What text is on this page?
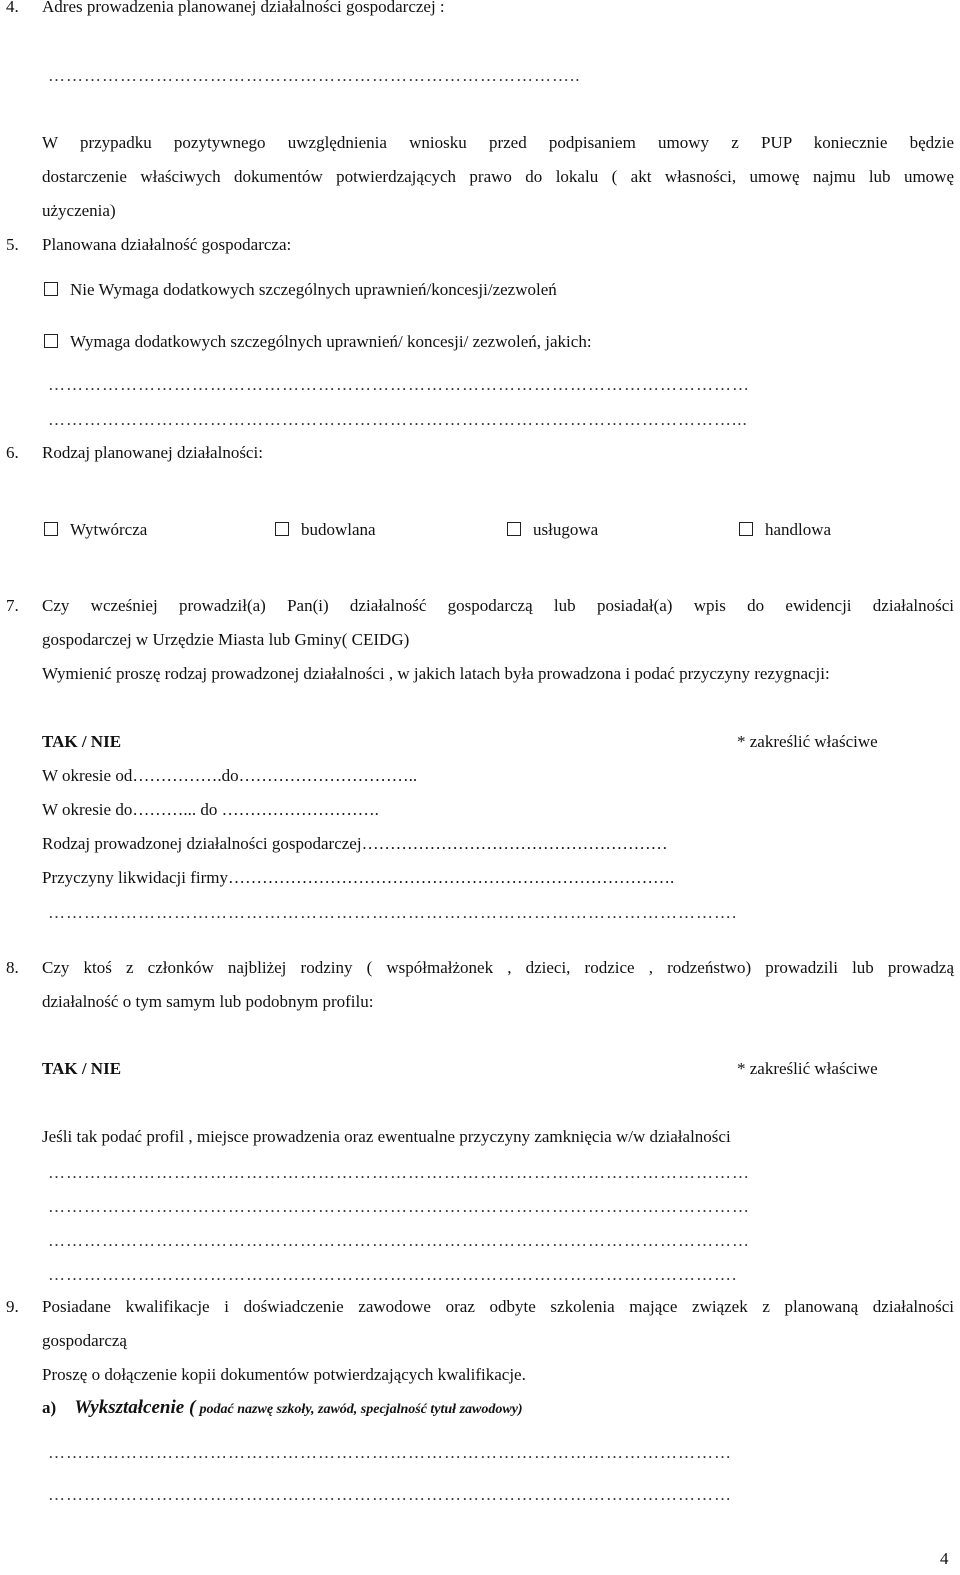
4. Adres prowadzenia planowanej działalności gospodarczej :
……………………………………………………………………………..
W przypadku pozytywnego uwzględnienia wniosku przed podpisaniem umowy z PUP koniecznie będzie
dostarczenie właściwych dokumentów potwierdzających prawo do lokalu ( akt własności, umowę najmu lub umowę
użyczenia)
5. Planowana działalność gospodarcza:
Nie Wymaga dodatkowych szczególnych uprawnień/koncesji/zezwoleń
Wymaga dodatkowych szczególnych uprawnień/ koncesji/ zezwoleń, jakich:
………………………………………………………………………………………………………
……………………………………………………………………………………………………...
6. Rodzaj planowanej działalności:
Wytwórcza	budowlana	usługowa	handlowa
7. Czy wcześniej prowadził(a) Pan(i) działalność gospodarczą lub posiadał(a) wpis do ewidencji działalności
gospodarczej w Urzędzie Miasta lub Gminy( CEIDG)
Wymienić proszę rodzaj prowadzonej działalności , w jakich latach była prowadzona i podać przyczyny rezygnacji:
TAK / NIE	* zakreślić właściwe
W okresie od…………….do…………………………..
W okresie do………... do ……………………….
Rodzaj prowadzonej działalności gospodarczej………………………………………………
Przyczyny likwidacji firmy…………………………………………………………………….
…………………………………………………………………………………………………….
8. Czy ktoś z członków najbliżej rodziny ( współmałżonek , dzieci, rodzice , rodzeństwo) prowadzili lub prowadzą
działalność o tym samym lub podobnym profilu:
TAK / NIE	* zakreślić właściwe
Jeśli tak podać profil , miejsce prowadzenia oraz ewentualne przyczyny zamknięcia w/w działalności
………………………………………………………………………………………………………
………………………………………………………………………………………………………
………………………………………………………………………………………………………
…………………………………………………………………………………………………….
9. Posiadane kwalifikacje i doświadczenie zawodowe oraz odbyte szkolenia mające związek z planowaną działalności
gospodarczą
Proszę o dołączenie kopii dokumentów potwierdzających kwalifikacje.
a) Wykształcenie ( podać nazwę szkoły, zawód, specjalność tytuł zawodowy)
……………………………………………………………………………………………………
……………………………………………………………………………………………………
4
